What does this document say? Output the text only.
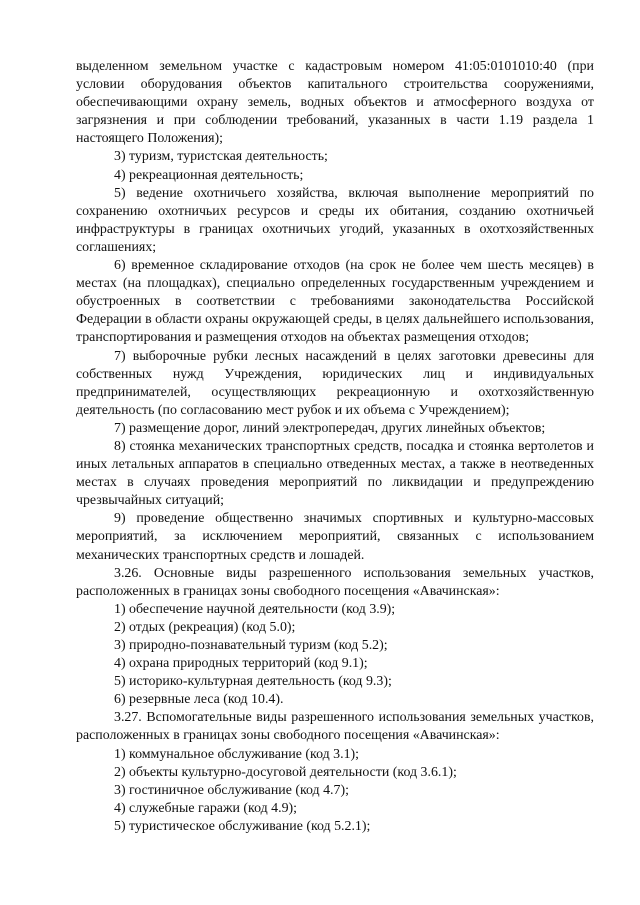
выделенном земельном участке с кадастровым номером 41:05:0101010:40 (при условии оборудования объектов капитального строительства сооружениями, обеспечивающими охрану земель, водных объектов и атмосферного воздуха от загрязнения и при соблюдении требований, указанных в части 1.19 раздела 1 настоящего Положения);

3) туризм, туристская деятельность;

4) рекреационная деятельность;

5) ведение охотничьего хозяйства, включая выполнение мероприятий по сохранению охотничьих ресурсов и среды их обитания, созданию охотничьей инфраструктуры в границах охотничьих угодий, указанных в охотхозяйственных соглашениях;

6) временное складирование отходов (на срок не более чем шесть месяцев) в местах (на площадках), специально определенных государственным учреждением и обустроенных в соответствии с требованиями законодательства Российской Федерации в области охраны окружающей среды, в целях дальнейшего использования, транспортирования и размещения отходов на объектах размещения отходов;

7) выборочные рубки лесных насаждений в целях заготовки древесины для собственных нужд Учреждения, юридических лиц и индивидуальных предпринимателей, осуществляющих рекреационную и охотхозяйственную деятельность (по согласованию мест рубок и их объема с Учреждением);

7) размещение дорог, линий электропередач, других линейных объектов;

8) стоянка механических транспортных средств, посадка и стоянка вертолетов и иных летальных аппаратов в специально отведенных местах, а также в неотведенных местах в случаях проведения мероприятий по ликвидации и предупреждению чрезвычайных ситуаций;

9) проведение общественно значимых спортивных и культурно-массовых мероприятий, за исключением мероприятий, связанных с использованием механических транспортных средств и лошадей.

3.26. Основные виды разрешенного использования земельных участков, расположенных в границах зоны свободного посещения «Авачинская»:

1) обеспечение научной деятельности (код 3.9);

2) отдых (рекреация) (код 5.0);

3) природно-познавательный туризм (код 5.2);

4) охрана природных территорий (код 9.1);

5) историко-культурная деятельность (код 9.3);

6) резервные леса (код 10.4).

3.27. Вспомогательные виды разрешенного использования земельных участков, расположенных в границах зоны свободного посещения «Авачинская»:

1) коммунальное обслуживание (код 3.1);

2) объекты культурно-досуговой деятельности (код 3.6.1);

3) гостиничное обслуживание (код 4.7);

4) служебные гаражи (код 4.9);

5) туристическое обслуживание (код 5.2.1);
